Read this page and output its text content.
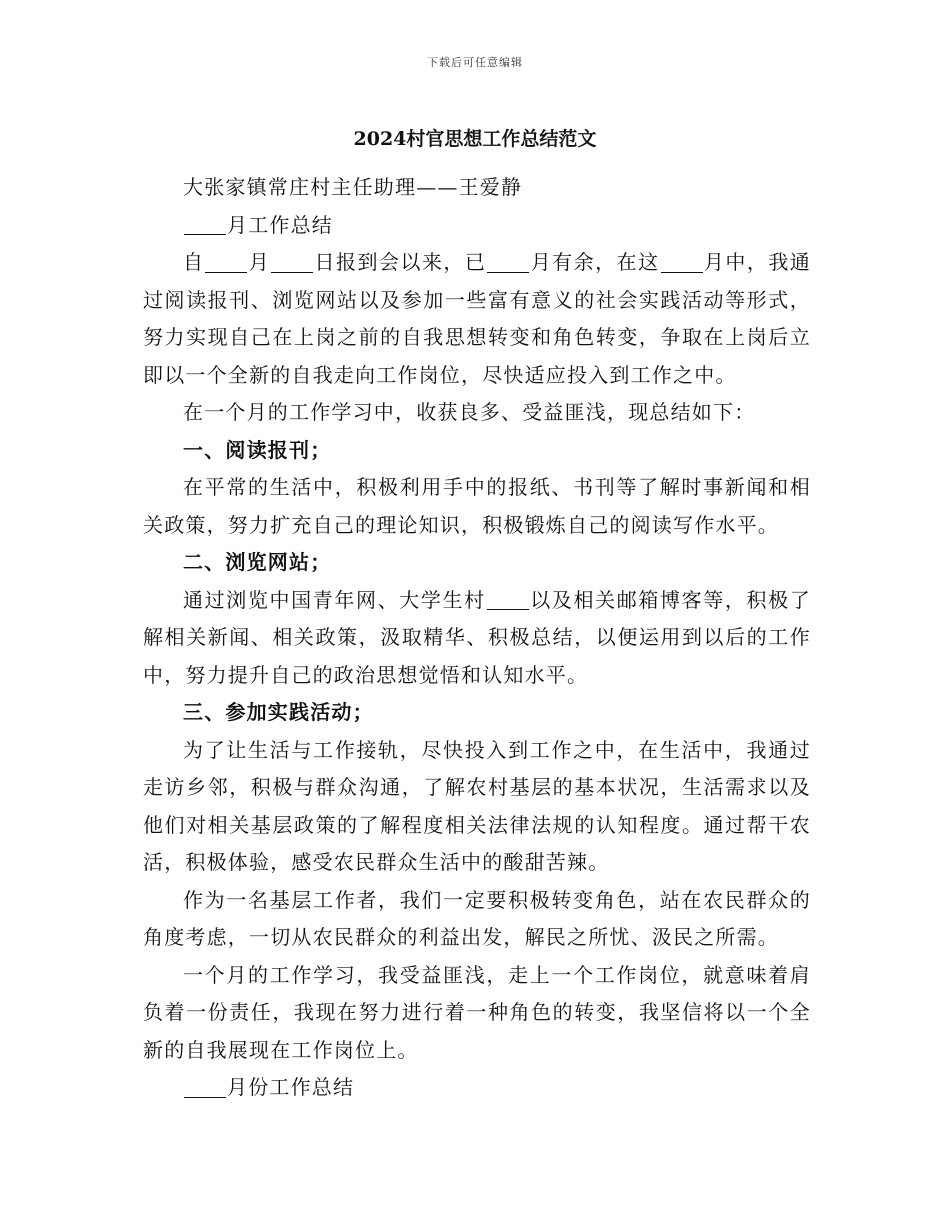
下载后可任意编辑
2024村官思想工作总结范文

大张家镇常庄村主任助理——王爱静

月工作总结

自 月 日报到会以来，已 月有余，在这 月中，我通过阅读报刊、浏览网站以及参加一些富有意义的社会实践活动等形式，努力实现自己在上岗之前的自我思想转变和角色转变，争取在上岗后立即以一个全新的自我走向工作岗位，尽快适应投入到工作之中。

在一个月的工作学习中，收获良多、受益匪浅，现总结如下：

一、阅读报刊；

在平常的生活中，积极利用手中的报纸、书刊等了解时事新闻和相关政策，努力扩充自己的理论知识，积极锻炼自己的阅读写作水平。

二、浏览网站；

通过浏览中国青年网、大学生村 以及相关邮箱博客等，积极了解相关新闻、相关政策，汲取精华、积极总结，以便运用到以后的工作中，努力提升自己的政治思想觉悟和认知水平。

三、参加实践活动；

为了让生活与工作接轨，尽快投入到工作之中，在生活中，我通过走访乡邻，积极与群众沟通，了解农村基层的基本状况，生活需求以及他们对相关基层政策的了解程度相关法律法规的认知程度。通过帮干农活，积极体验，感受农民群众生活中的酸甜苦辣。

作为一名基层工作者，我们一定要积极转变角色，站在农民群众的角度考虑，一切从农民群众的利益出发，解民之所忧、汲民之所需。

一个月的工作学习，我受益匪浅，走上一个工作岗位，就意味着肩负着一份责任，我现在努力进行着一种角色的转变，我坚信将以一个全新的自我展现在工作岗位上。

月份工作总结
